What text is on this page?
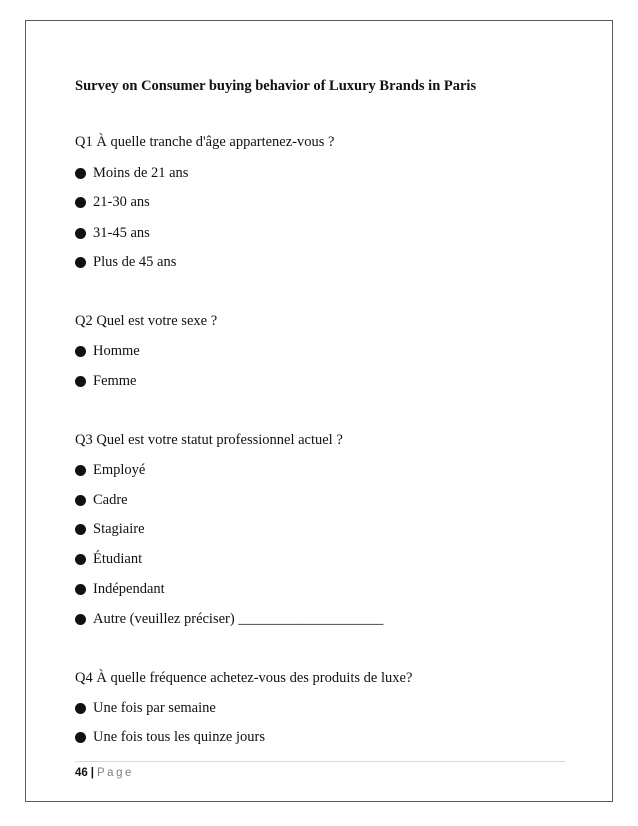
Survey on Consumer buying behavior of Luxury Brands in Paris
Q1 À quelle tranche d'âge appartenez-vous ?
Moins de 21 ans
21-30 ans
31-45 ans
Plus de 45 ans
Q2 Quel est votre sexe ?
Homme
Femme
Q3 Quel est votre statut professionnel actuel ?
Employé
Cadre
Stagiaire
Étudiant
Indépendant
Autre (veuillez préciser) ____________________
Q4 À quelle fréquence achetez-vous des produits de luxe?
Une fois par semaine
Une fois tous les quinze jours
46 | Page
